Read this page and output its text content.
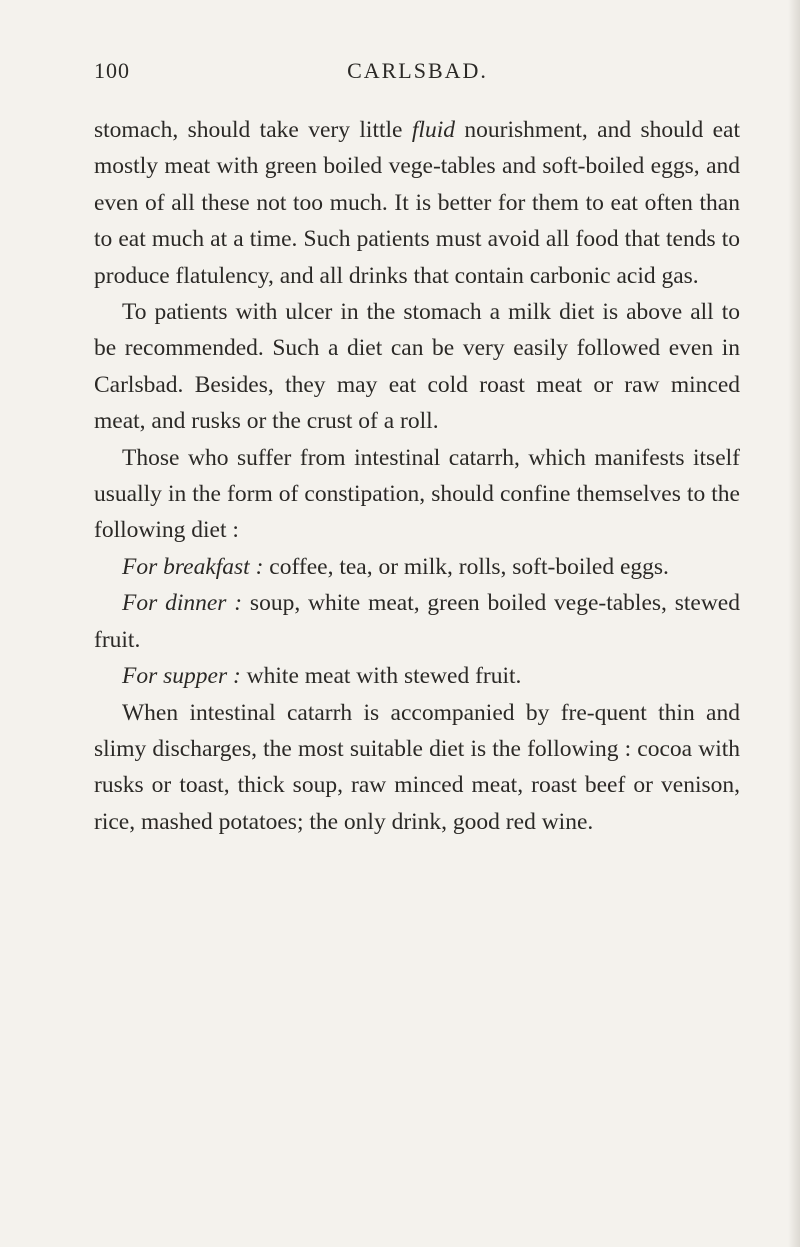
100	CARLSBAD.

stomach, should take very little fluid nourishment, and should eat mostly meat with green boiled vege-tables and soft-boiled eggs, and even of all these not too much. It is better for them to eat often than to eat much at a time. Such patients must avoid all food that tends to produce flatulency, and all drinks that contain carbonic acid gas.

To patients with ulcer in the stomach a milk diet is above all to be recommended. Such a diet can be very easily followed even in Carlsbad. Besides, they may eat cold roast meat or raw minced meat, and rusks or the crust of a roll.

Those who suffer from intestinal catarrh, which manifests itself usually in the form of constipation, should confine themselves to the following diet :

For breakfast : coffee, tea, or milk, rolls, soft-boiled eggs.

For dinner : soup, white meat, green boiled vege-tables, stewed fruit.

For supper : white meat with stewed fruit.

When intestinal catarrh is accompanied by fre-quent thin and slimy discharges, the most suitable diet is the following : cocoa with rusks or toast, thick soup, raw minced meat, roast beef or venison, rice, mashed potatoes; the only drink, good red wine.
